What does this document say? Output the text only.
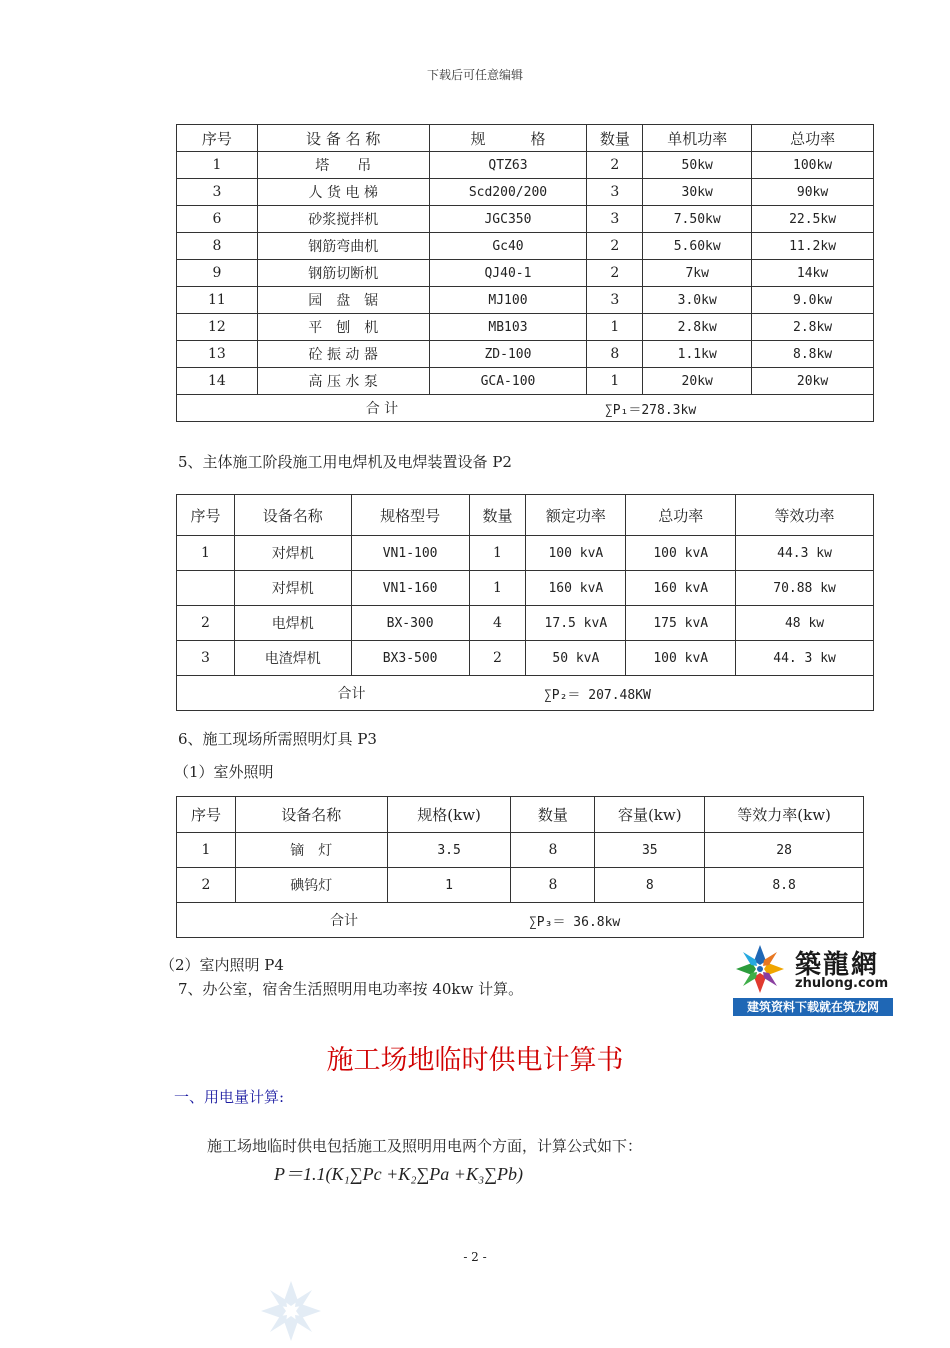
下载后可任意编辑
序号	设 备 名 称	规　　　格	数量	单机功率	总功率
1	塔　　吊	QTZ63	2	50kw	100kw
3	人 货 电 梯	Scd200/200	3	30kw	90kw
6	砂浆搅拌机	JGC350	3	7.50kw	22.5kw
8	钢筋弯曲机	Gc40	2	5.60kw	11.2kw
9	钢筋切断机	QJ40-1	2	7kw	14kw
11	园　盘　锯	MJ100	3	3.0kw	9.0kw
12	平　刨　机	MB103	1	2.8kw	2.8kw
13	砼 振 动 器	ZD-100	8	1.1kw	8.8kw
14	高 压 水 泵	GCA-100	1	20kw	20kw
合 计			∑P₁＝278.3kw		
5、主体施工阶段施工用电焊机及电焊装置设备 P2
序号	设备名称	规格型号	数量	额定功率	总功率	等效功率
1	对焊机	VN1-100	1	100 kvA	100 kvA	44.3 kw
	对焊机	VN1-160	1	160 kvA	160 kvA	70.88 kw
2	电焊机	BX-300	4	17.5 kvA	175 kvA	48 kw
3	电渣焊机	BX3-500	2	50 kvA	100 kvA	44. 3 kw
合计				∑P₂＝ 207.48KW		
6、施工现场所需照明灯具 P3
（1）室外照明
序号	设备名称	规格(kw)	数量	容量(kw)	等效力率(kw)
1	镝　灯	3.5	8	35	28
2	碘钨灯	1	8	8	8.8
合计			∑P₃＝ 36.8kw		
（2）室内照明 P4
7、办公室，宿舍生活照明用电功率按 40kw 计算。
築龍網
zhulong.com
建筑资料下载就在筑龙网
施工场地临时供电计算书
一、用电量计算:
施工场地临时供电包括施工及照明用电两个方面，计算公式如下：
P＝1.1(K₁∑Pc +K₂∑Pa +K₃∑Pb)
- 2 -
